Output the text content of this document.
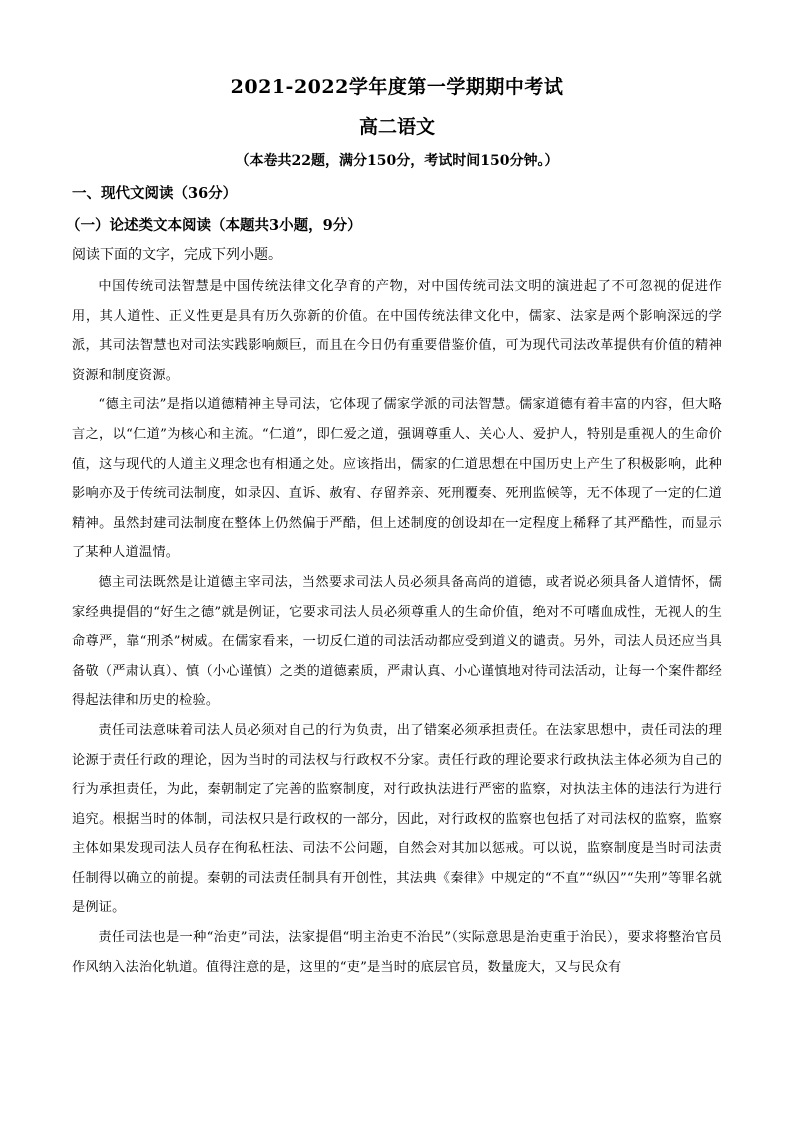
2021-2022学年度第一学期期中考试
高二语文
（本卷共22题，满分150分，考试时间150分钟。）
一、现代文阅读（36分）
（一）论述类文本阅读（本题共3小题，9分）
阅读下面的文字，完成下列小题。

中国传统司法智慧是中国传统法律文化孕育的产物，对中国传统司法文明的演进起了不可忽视的促进作用，其人道性、正义性更是具有历久弥新的价值。在中国传统法律文化中，儒家、法家是两个影响深远的学派，其司法智慧也对司法实践影响颇巨，而且在今日仍有重要借鉴价值，可为现代司法改革提供有价值的精神资源和制度资源。

“德主司法”是指以道德精神主导司法，它体现了儒家学派的司法智慧。儒家道德有着丰富的内容，但大略言之，以“仁道”为核心和主流。“仁道”，即仁爱之道，强调尊重人、关心人、爱护人，特别是重视人的生命价值，这与现代的人道主义理念也有相通之处。应该指出，儒家的仁道思想在中国历史上产生了积极影响，此种影响亦及于传统司法制度，如录囚、直诉、赦宥、存留养亲、死刑覆奏、死刑监候等，无不体现了一定的仁道精神。虽然封建司法制度在整体上仍然偏于严酷，但上述制度的创设却在一定程度上稀释了其严酷性，而显示了某种人道温情。

德主司法既然是让道德主宰司法，当然要求司法人员必须具备高尚的道德，或者说必须具备人道情怀，儒家经典提倡的“好生之德”就是例证，它要求司法人员必须尊重人的生命价值，绝对不可嗜血成性，无视人的生命尊严，靠“刑杀”树威。在儒家看来，一切反仁道的司法活动都应受到道义的谴责。另外，司法人员还应当具备敬（严肃认真）、慎（小心谨慎）之类的道德素质，严肃认真、小心谨慎地对待司法活动，让每一个案件都经得起法律和历史的检验。

责任司法意味着司法人员必须对自己的行为负责，出了错案必须承担责任。在法家思想中，责任司法的理论源于责任行政的理论，因为当时的司法权与行政权不分家。责任行政的理论要求行政执法主体必须为自己的行为承担责任，为此，秦朝制定了完善的监察制度，对行政执法进行严密的监察，对执法主体的违法行为进行追究。根据当时的体制，司法权只是行政权的一部分，因此，对行政权的监察也包括了对司法权的监察，监察主体如果发现司法人员存在徇私枉法、司法不公问题，自然会对其加以惩戒。可以说，监察制度是当时司法责任制得以确立的前提。秦朝的司法责任制具有开创性，其法典《秦律》中规定的“不直”“纵囚”“失刑”等罪名就是例证。

责任司法也是一种“治吏”司法，法家提倡“明主治吏不治民”（实际意思是治吏重于治民），要求将整治官员作风纳入法治化轨道。值得注意的是，这里的“吏”是当时的底层官员，数量庞大，又与民众有
